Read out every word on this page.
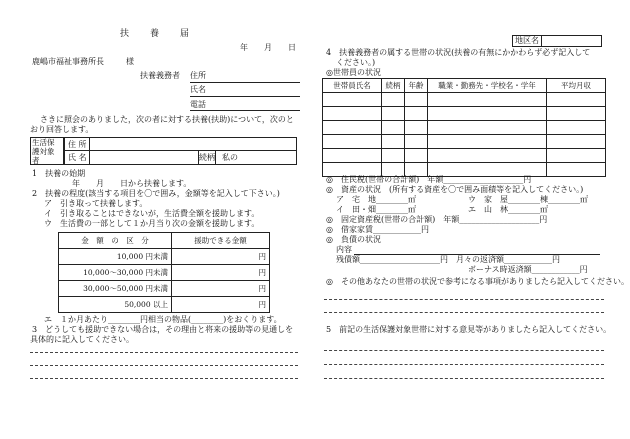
扶　　養　　届
年　　月　　日
鹿嶋市福祉事務所長	様
扶養義務者 住所
氏名
電話
さきに照会のありました，次の者に対する扶養(扶助)について，次のと
おり回答します。
生活保
護対象
者
住 所
氏 名	続柄 私の
1　扶養の始期
年　　月　　日から扶養します。
2　扶養の程度(該当する項目を〇で囲み，金額等を記入して下さい。)
ア　引き取って扶養します。
イ　引き取ることはできないが，生活費全額を援助します。
ウ　生活費の一部として１か月当り次の金額を援助します。
金　額　の　区　分	援助できる金額
10,000 円未満	円
10,000～30,000 円未満	円
30,000～50,000 円未満	円
50,000 以上	円
エ　１か月あたり________円相当の物品(________)をおくります。
3　どうしても援助できない場合は，その理由と将来の援助等の見通しを
具体的に記入してください。
地区名
4　扶養義務者の属する世帯の状況(扶養の有無にかかわらず必ず記入して
ください。)
◎世帯員の状況
世帯員氏名	続柄	年齢	職業・勤務先・学校名・学年	平均月収

◎　住民税(世帯の合計額)　年額____________________円
◎　資産の状況　(所有する資産を〇で囲み面積等を記入してください。)
ア　宅　地________㎡	ウ　家　屋________棟________㎡
イ　田・畑________㎡	エ　山　林________㎡
◎　固定資産税(世帯の合計額)　年額____________________円
◎　借家家賃____________円
◎　負債の状況
内容
残債額____________________円　月々の返済額____________円
ボーナス時返済額____________円
◎　その他あなたの世帯の状況で参考になる事項がありましたら記入してください。
5　前記の生活保護対象世帯に対する意見等がありましたら記入してください。
